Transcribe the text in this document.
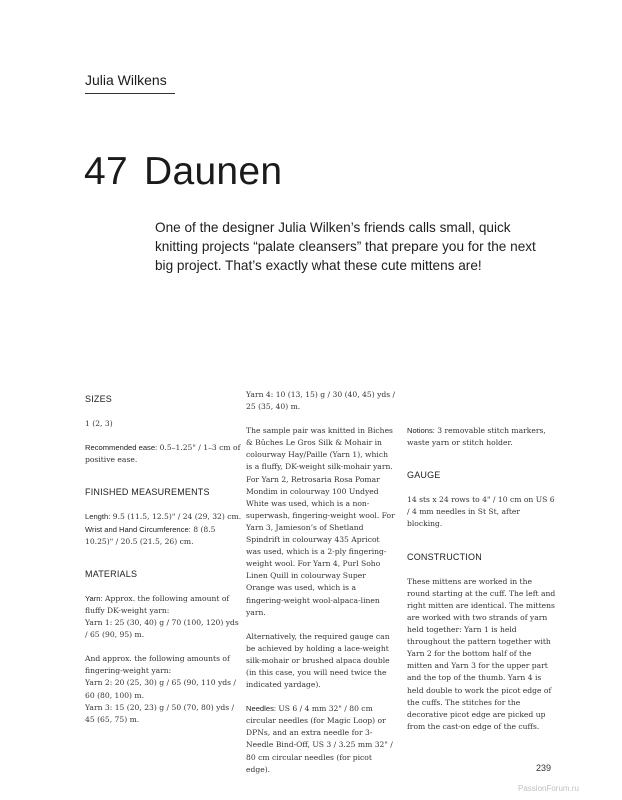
Julia Wilkens
47 Daunen

One of the designer Julia Wilken’s friends calls small, quick knitting projects “palate cleansers” that prepare you for the next big project. That’s exactly what these cute mittens are!

SIZES

1 (2, 3)

Recommended ease: 0.5–1.25" / 1–3 cm of positive ease.

FINISHED MEASUREMENTS

Length: 9.5 (11.5, 12.5)" / 24 (29, 32) cm.

Wrist and Hand Circumference: 8 (8.5 10.25)" / 20.5 (21.5, 26) cm.

MATERIALS

Yarn: Approx. the following amount of fluffy DK-weight yarn:

Yarn 1: 25 (30, 40) g / 70 (100, 120) yds / 65 (90, 95) m.

And approx. the following amounts of fingering-weight yarn:

Yarn 2: 20 (25, 30) g / 65 (90, 110 yds / 60 (80, 100) m.

Yarn 3: 15 (20, 23) g / 50 (70, 80) yds / 45 (65, 75) m.

Yarn 4: 10 (13, 15) g / 30 (40, 45) yds / 25 (35, 40) m.

The sample pair was knitted in Biches & Bûches Le Gros Silk & Mohair in colourway Hay/Paille (Yarn 1), which is a fluffy, DK-weight silk-mohair yarn. For Yarn 2, Retrosaria Rosa Pomar Mondim in colourway 100 Undyed White was used, which is a non-superwash, fingering-weight wool. For Yarn 3, Jamieson’s of Shetland Spindrift in colourway 435 Apricot was used, which is a 2-ply fingering-weight wool. For Yarn 4, Purl Soho Linen Quill in colourway Super Orange was used, which is a fingering-weight wool-alpaca-linen yarn.

Alternatively, the required gauge can be achieved by holding a lace-weight silk-mohair or brushed alpaca double (in this case, you will need twice the indicated yardage).

Needles: US 6 / 4 mm 32" / 80 cm circular needles (for Magic Loop) or DPNs, and an extra needle for 3-Needle Bind-Off, US 3 / 3.25 mm 32" / 80 cm circular needles (for picot edge).

Notions: 3 removable stitch markers, waste yarn or stitch holder.

GAUGE

14 sts x 24 rows to 4" / 10 cm on US 6 / 4 mm needles in St St, after blocking.

CONSTRUCTION

These mittens are worked in the round starting at the cuff. The left and right mitten are identical. The mittens are worked with two strands of yarn held together: Yarn 1 is held throughout the pattern together with Yarn 2 for the bottom half of the mitten and Yarn 3 for the upper part and the top of the thumb. Yarn 4 is held double to work the picot edge of the cuffs. The stitches for the decorative picot edge are picked up from the cast-on edge of the cuffs.

239
PassionForum.ru
